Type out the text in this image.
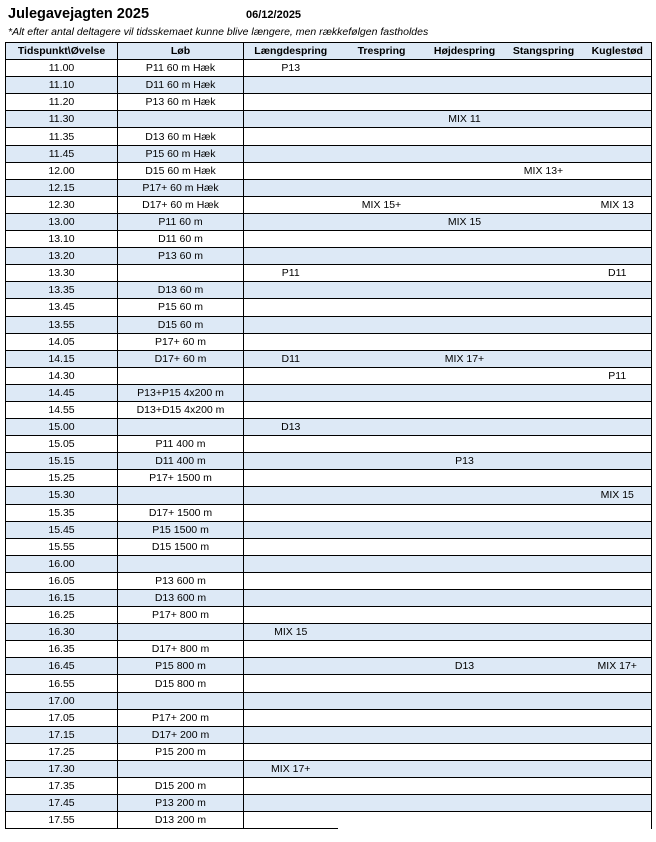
Julegavejagten 2025	06/12/2025
*Alt efter antal deltagere vil tidsskemaet kunne blive længere, men rækkefølgen fastholdes
Tidspunkt\Øvelse	Løb	Længdespring	Trespring	Højdespring	Stangspring	Kuglestød
11.00	P11 60 m Hæk	P13				
11.10	D11 60 m Hæk					
11.20	P13 60 m Hæk					
11.30				MIX 11		
11.35	D13 60 m Hæk					
11.45	P15 60 m Hæk					
12.00	D15 60 m Hæk				MIX 13+	
12.15	P17+ 60 m Hæk					
12.30	D17+ 60 m Hæk		MIX 15+			MIX 13
13.00	P11 60 m			MIX 15		
13.10	D11 60 m					
13.20	P13 60 m					
13.30		P11				D11
13.35	D13 60 m					
13.45	P15 60 m					
13.55	D15 60 m					
14.05	P17+ 60 m					
14.15	D17+ 60 m	D11		MIX 17+		
14.30						P11
14.45	P13+P15 4x200 m					
14.55	D13+D15 4x200 m					
15.00		D13				
15.05	P11 400 m					
15.15	D11 400 m			P13		
15.25	P17+ 1500 m					
15.30						MIX 15
15.35	D17+ 1500 m					
15.45	P15 1500 m					
15.55	D15 1500 m					
16.00						
16.05	P13 600 m					
16.15	D13 600 m					
16.25	P17+ 800 m					
16.30		MIX 15				
16.35	D17+ 800 m					
16.45	P15 800 m			D13		MIX 17+
16.55	D15 800 m					
17.00						
17.05	P17+ 200 m					
17.15	D17+ 200 m					
17.25	P15 200 m					
17.30		MIX 17+				
17.35	D15 200 m					
17.45	P13 200 m					
17.55	D13 200 m					
